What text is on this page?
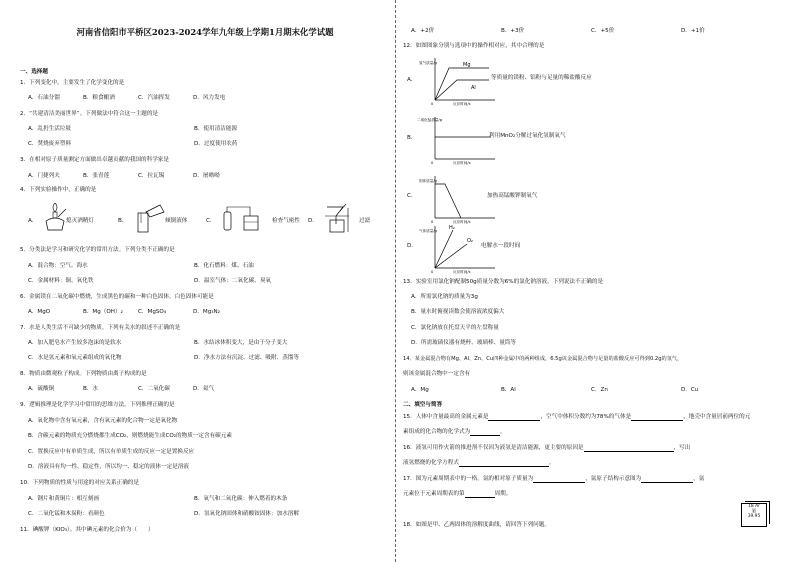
河南省信阳市平桥区2023-2024学年九年级上学期1月期末化学试题
一、选择题
1．下列变化中，主要发生了化学变化的是
A．石油分馏	B．粮食酿酒	C．汽油挥发	D．风力发电
2．“共建清洁美丽世界”。下列做法中符合这一主题的是
A．乱扔生活垃圾	B．使用清洁能源
C．焚烧废弃塑料	D．过度使用农药
3．在相对原子质量测定方面做出卓越贡献的我国的科学家是
A．门捷列夫	B．张青莲	C．拉瓦锡	D．屠呦呦
4．下列实验操作中，正确的是
A．	熄灭酒精灯	B．	倾倒液体	C．	检查气密性 D．	过滤
5．分类法是学习和研究化学的常用方法。下列分类不正确的是
A．混合物：空气、海水	B．化石燃料：煤、石油
C．金属材料：铜、氧化铁	D．温室气体：二氧化碳、臭氧
6．金属镁在二氧化碳中燃烧，生成黑色的碳和一种白色固体，白色固体可能是
A．MgO	B．Mg（OH）₂	C．MgSO₄	D．Mg₃N₂
7．水是人类生活不可缺少的物质。下列有关水的叙述不正确的是
A．加入肥皂水产生较多泡沫的是软水	B．水结冰体积变大，是由于分子变大
C．水是氢元素和氧元素组成的氧化物	D．净水方法有沉淀、过滤、吸附、蒸馏等
8．物质由微观粒子构成。下列物质由离子构成的是
A．硫酸铜	B．水	C．二氧化碳	D．氦气
9．逻辑推理是化学学习中常用的思维方法。下列推理正确的是
A．氧化物中含有氧元素，含有氧元素的化合物一定是氧化物
B．含碳元素的物质充分燃烧都生成CO₂，则燃烧能生成CO₂的物质一定含有碳元素
C．置换反应中有单质生成，所以有单质生成的反应一定是置换反应
D．溶液具有均一性、稳定性，所以均一、稳定的液体一定是溶液
10．下列物质的性质与用途的对应关系正确的是
A．钢片和黄铜片：相互刻画	B．氧气和二氧化碳：伸入燃着的木条
C．二氧化锰和木炭粉：看颜色	D．氢氧化钠固体和硝酸铵固体：加水溶解
11．碘酸钾（KIO₃）。其中碘元素的化合价为（　　）
A．+2价	B．+3价	C．+5价	D．+1价
12．如图图象分别与选项中的操作相对应，其中合理的是
A．
Mg
Al
氢气质量/g
0	反应时间/s
等质量的镁粉、铝粉与足量的稀盐酸反应
B．
二氧化锰质量/g
0	反应时间/s
利用MnO₂分解过氧化氢制氧气
C．
固体质量/g
0	反应时间/s
加热高锰酸钾制氧气
D．
H₂
O₂
气体质量/g
0	反应时间/s
电解水一段时间
13．实验室用氯化钠配制50g质量分数为6%的氯化钠溶液。下列说法不正确的是
A．所需氯化钠的质量为3g
B．量水时俯视读数会使溶液浓度偏大
C．氯化钠放在托盘天平的左盘称量
D．所需玻璃仪器有烧杯、玻璃棒、量筒等
14．某金属混合物有Mg、Al、Zn、Cu四种金属中的两种组成，6.5g该金属混合物与足量的盐酸反应可得到0.2g的氢气，
则该金属混合物中一定含有
A．Mg	B．Al	C．Zn	D．Cu
二、填空与简答
15．人体中含量最高的金属元素是	，空气中体积分数约为78%的气体是	，地壳中含量居前两位的元
素组成的化合物的化学式为	。
16．液氢可用作火箭的推进剂不仅因为液氢是清洁能源，更主要的原因是	，写出
液氢燃烧的化学方程式	。
17．图为元素周期表中的一格。氩的相对原子质量为	，氩原子结构示意图为	，氩
元素位于元素周期表的第	周期。
18．如图是甲、乙两固体的溶解度曲线，请回答下列问题。
18 Ar
氩
39.95
